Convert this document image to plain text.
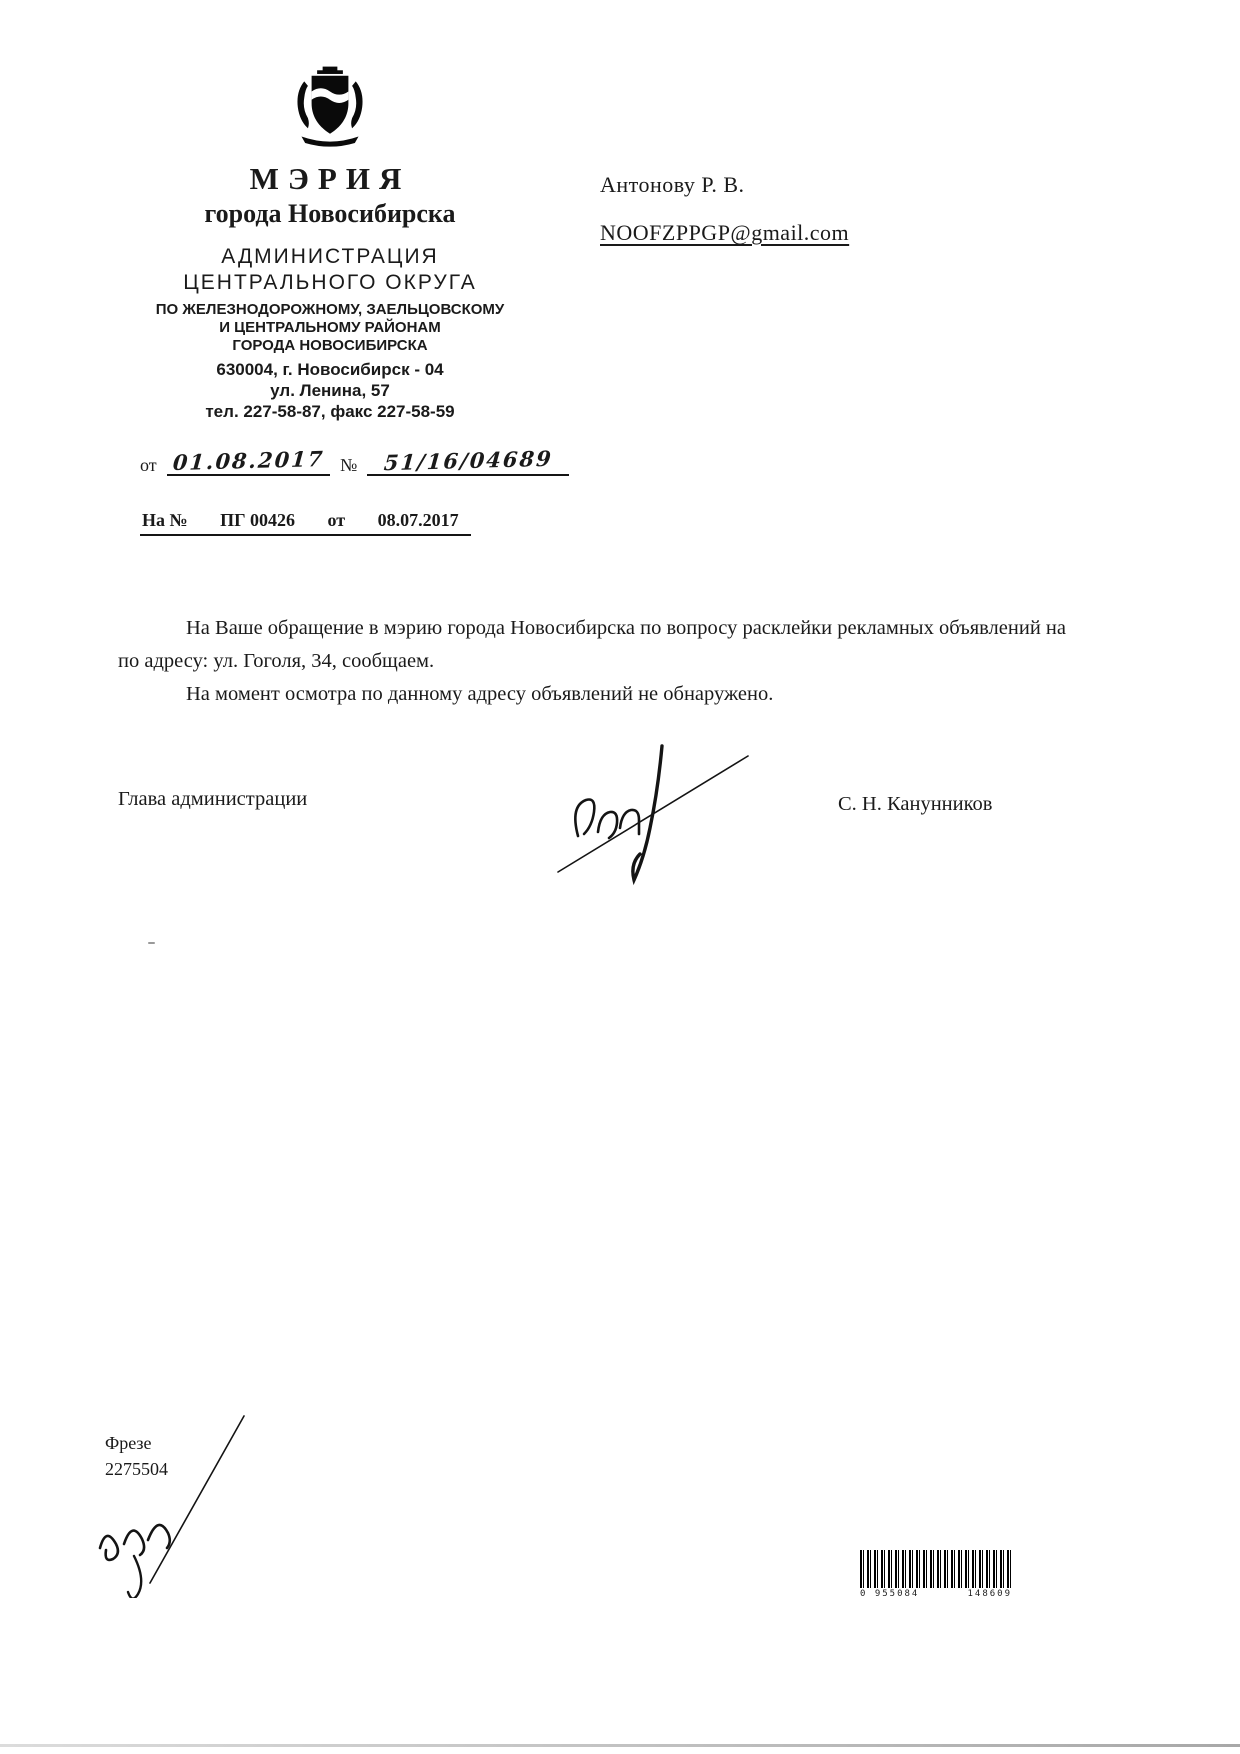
МЭРИЯ
города Новосибирска
АДМИНИСТРАЦИЯ
ЦЕНТРАЛЬНОГО ОКРУГА
ПО ЖЕЛЕЗНОДОРОЖНОМУ, ЗАЕЛЬЦОВСКОМУ
И ЦЕНТРАЛЬНОМУ РАЙОНАМ
ГОРОДА НОВОСИБИРСКА
630004, г. Новосибирск - 04
ул. Ленина, 57
тел. 227-58-87, факс 227-58-59
от 01.08.2017 №	51/16/04689
На № ПГ 00426 от 08.07.2017
Антонову Р. В.
NOOFZPPGP@gmail.com

На Ваше обращение в мэрию города Новосибирска по вопросу расклейки рекламных объявлений на по адресу: ул. Гоголя, 34, сообщаем.

На момент осмотра по данному адресу объявлений не обнаружено.

Глава администрации	С. Н. Канунников
Фрезе
2275504
0 955084	148609
